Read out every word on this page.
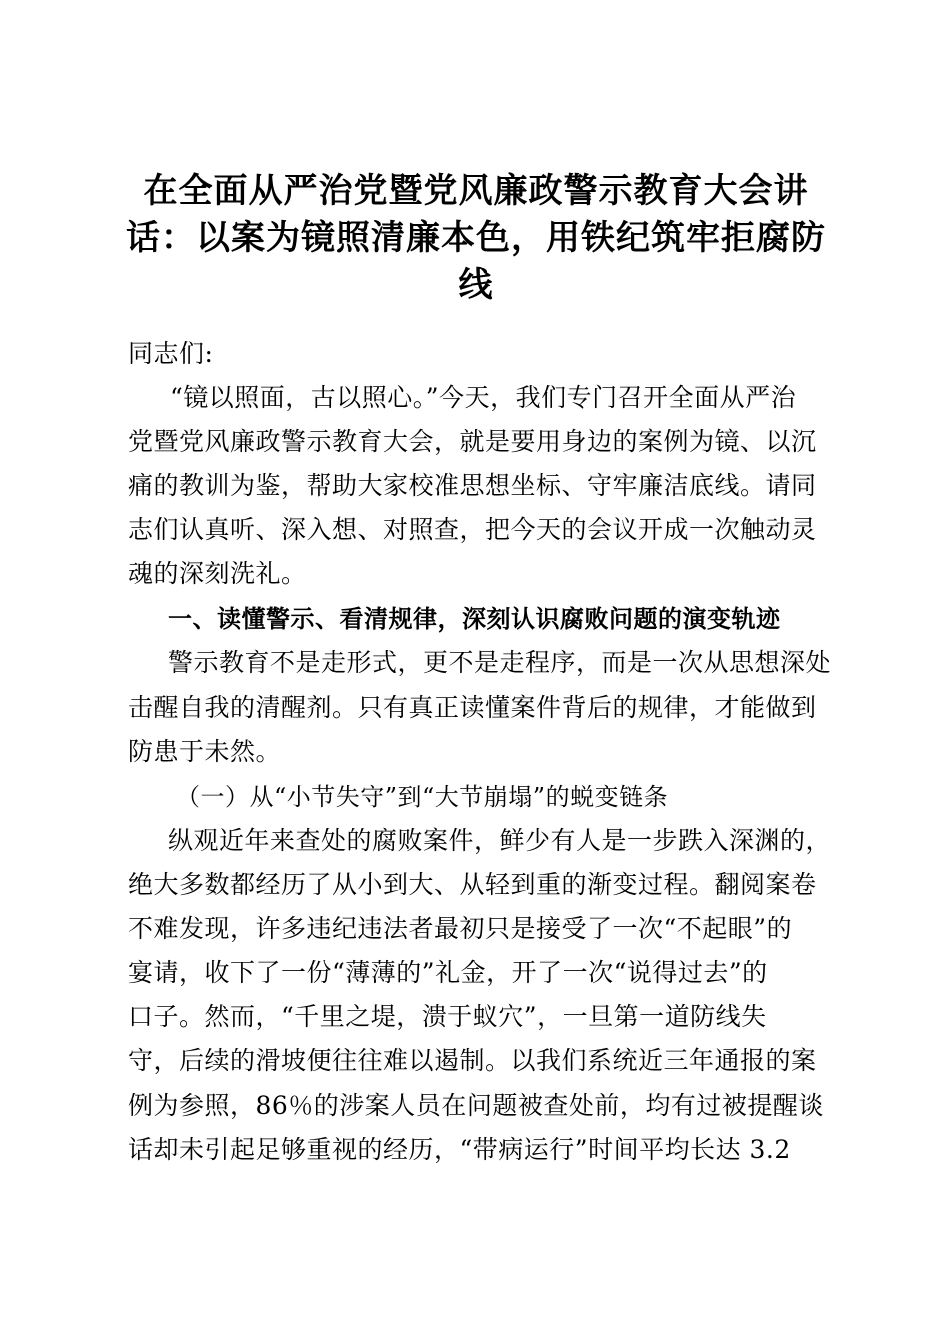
在全面从严治党暨党风廉政警示教育大会讲
话：以案为镜照清廉本色，用铁纪筑牢拒腐防
线

同志们:

“镜以照面，古以照心。”今天，我们专门召开全面从严治

党暨党风廉政警示教育大会，就是要用身边的案例为镜、以沉

痛的教训为鉴，帮助大家校准思想坐标、守牢廉洁底线。请同

志们认真听、深入想、对照查，把今天的会议开成一次触动灵

魂的深刻洗礼。

一、读懂警示、看清规律，深刻认识腐败问题的演变轨迹

警示教育不是走形式，更不是走程序，而是一次从思想深处

击醒自我的清醒剂。只有真正读懂案件背后的规律，才能做到

防患于未然。

（一）从“小节失守”到“大节崩塌”的蜕变链条

纵观近年来查处的腐败案件，鲜少有人是一步跌入深渊的，

绝大多数都经历了从小到大、从轻到重的渐变过程。翻阅案卷

不难发现，许多违纪违法者最初只是接受了一次“不起眼”的

宴请，收下了一份“薄薄的”礼金，开了一次“说得过去”的

口子。然而，“千里之堤，溃于蚁穴”，一旦第一道防线失

守，后续的滑坡便往往难以遏制。以我们系统近三年通报的案

例为参照，86％的涉案人员在问题被查处前，均有过被提醒谈

话却未引起足够重视的经历，“带病运行”时间平均长达 3.2
